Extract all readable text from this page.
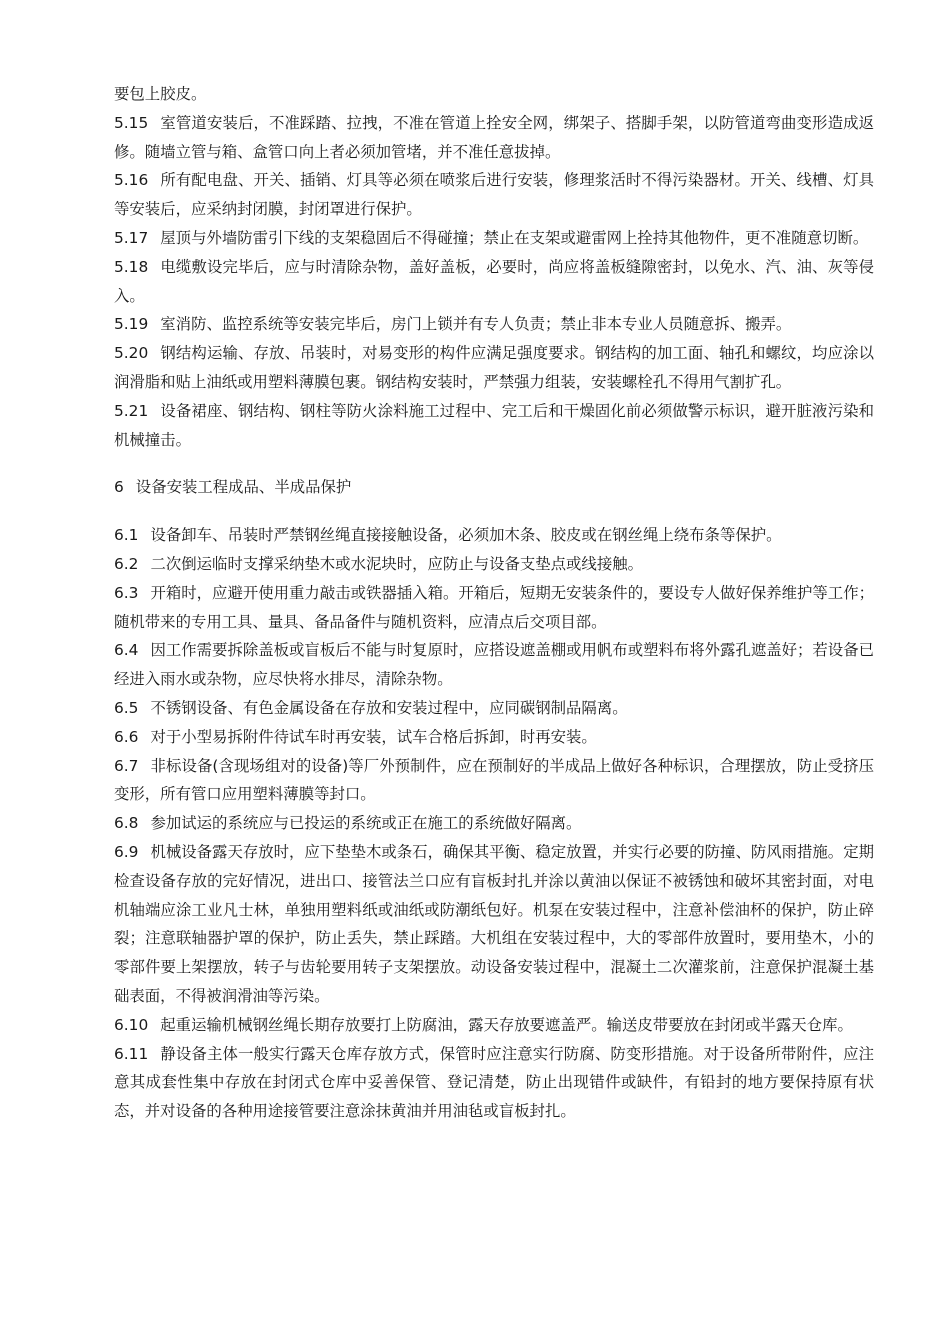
要包上胶皮。

5.15 室管道安装后，不准踩踏、拉拽，不准在管道上拴安全网，绑架子、搭脚手架，以防管道弯曲变形造成返修。随墙立管与箱、盒管口向上者必须加管堵，并不准任意拔掉。

5.16 所有配电盘、开关、插销、灯具等必须在喷浆后进行安装，修理浆活时不得污染器材。开关、线槽、灯具等安装后，应采纳封闭膜，封闭罩进行保护。

5.17 屋顶与外墙防雷引下线的支架稳固后不得碰撞；禁止在支架或避雷网上拴持其他物件，更不准随意切断。

5.18 电缆敷设完毕后，应与时清除杂物，盖好盖板，必要时，尚应将盖板缝隙密封，以免水、汽、油、灰等侵入。

5.19 室消防、监控系统等安装完毕后，房门上锁并有专人负责；禁止非本专业人员随意拆、搬弄。

5.20 钢结构运输、存放、吊装时，对易变形的构件应满足强度要求。钢结构的加工面、轴孔和螺纹，均应涂以润滑脂和贴上油纸或用塑料薄膜包裹。钢结构安装时，严禁强力组装，安装螺栓孔不得用气割扩孔。

5.21 设备裙座、钢结构、钢柱等防火涂料施工过程中、完工后和干燥固化前必须做警示标识，避开脏液污染和机械撞击。

6 设备安装工程成品、半成品保护

6.1 设备卸车、吊装时严禁钢丝绳直接接触设备，必须加木条、胶皮或在钢丝绳上绕布条等保护。

6.2 二次倒运临时支撑采纳垫木或水泥块时，应防止与设备支垫点或线接触。

6.3 开箱时，应避开使用重力敲击或铁器插入箱。开箱后，短期无安装条件的，要设专人做好保养维护等工作；随机带来的专用工具、量具、备品备件与随机资料，应清点后交项目部。

6.4 因工作需要拆除盖板或盲板后不能与时复原时，应搭设遮盖棚或用帆布或塑料布将外露孔遮盖好；若设备已经进入雨水或杂物，应尽快将水排尽，清除杂物。

6.5 不锈钢设备、有色金属设备在存放和安装过程中，应同碳钢制品隔离。

6.6 对于小型易拆附件待试车时再安装，试车合格后拆卸，时再安装。

6.7 非标设备(含现场组对的设备)等厂外预制件，应在预制好的半成品上做好各种标识，合理摆放，防止受挤压变形，所有管口应用塑料薄膜等封口。

6.8 参加试运的系统应与已投运的系统或正在施工的系统做好隔离。

6.9 机械设备露天存放时，应下垫垫木或条石，确保其平衡、稳定放置，并实行必要的防撞、防风雨措施。定期检查设备存放的完好情况，进出口、接管法兰口应有盲板封扎并涂以黄油以保证不被锈蚀和破坏其密封面，对电机轴端应涂工业凡士林，单独用塑料纸或油纸或防潮纸包好。机泵在安装过程中，注意补偿油杯的保护，防止碎裂；注意联轴器护罩的保护，防止丢失，禁止踩踏。大机组在安装过程中，大的零部件放置时，要用垫木，小的零部件要上架摆放，转子与齿轮要用转子支架摆放。动设备安装过程中，混凝土二次灌浆前，注意保护混凝土基础表面，不得被润滑油等污染。

6.10 起重运输机械钢丝绳长期存放要打上防腐油，露天存放要遮盖严。输送皮带要放在封闭或半露天仓库。

6.11 静设备主体一般实行露天仓库存放方式，保管时应注意实行防腐、防变形措施。对于设备所带附件，应注意其成套性集中存放在封闭式仓库中妥善保管、登记清楚，防止出现错件或缺件，有铅封的地方要保持原有状态，并对设备的各种用途接管要注意涂抹黄油并用油毡或盲板封扎。
